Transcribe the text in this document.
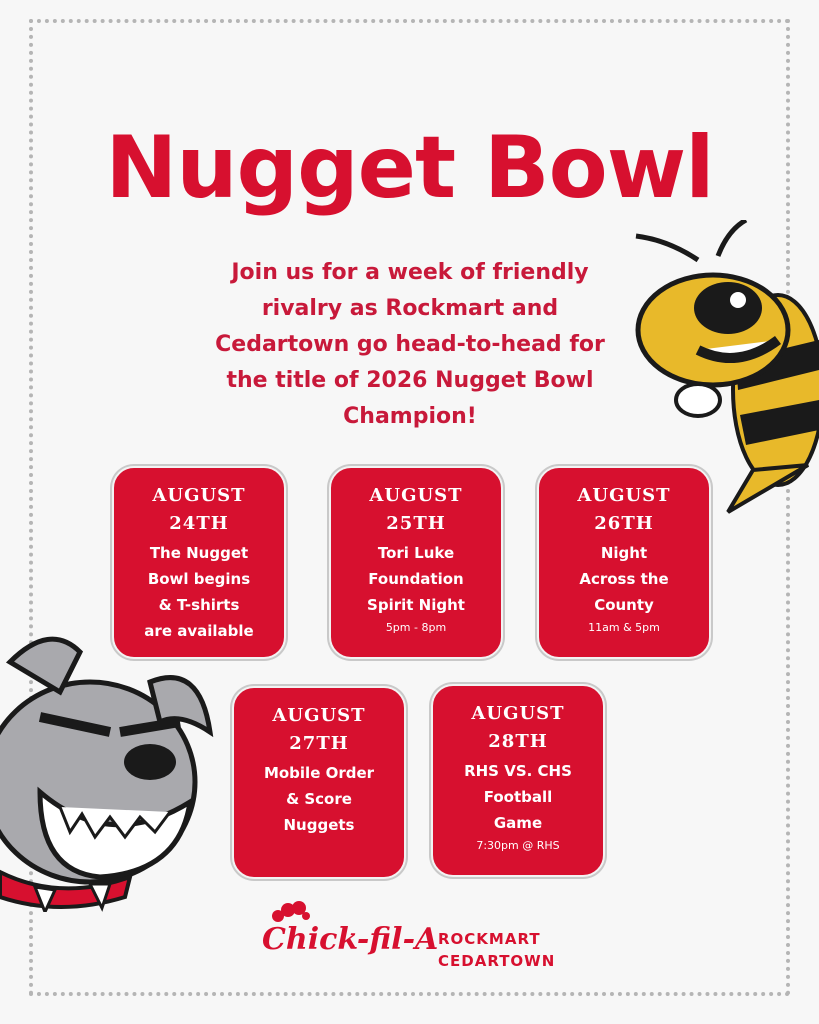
Nugget Bowl
Join us for a week of friendly rivalry as Rockmart and Cedartown go head-to-head for the title of 2026 Nugget Bowl Champion!
AUGUST
24TH
The Nugget
Bowl begins
& T-shirts
are available
AUGUST
25TH
Tori Luke
Foundation
Spirit Night
5pm - 8pm
AUGUST
26TH
Night
Across the
County
11am & 5pm
AUGUST
27TH
Mobile Order
& Score
Nuggets
AUGUST
28TH
RHS VS. CHS
Football
Game
7:30pm @ RHS
Chick-fil-A ROCKMART
CEDARTOWN
